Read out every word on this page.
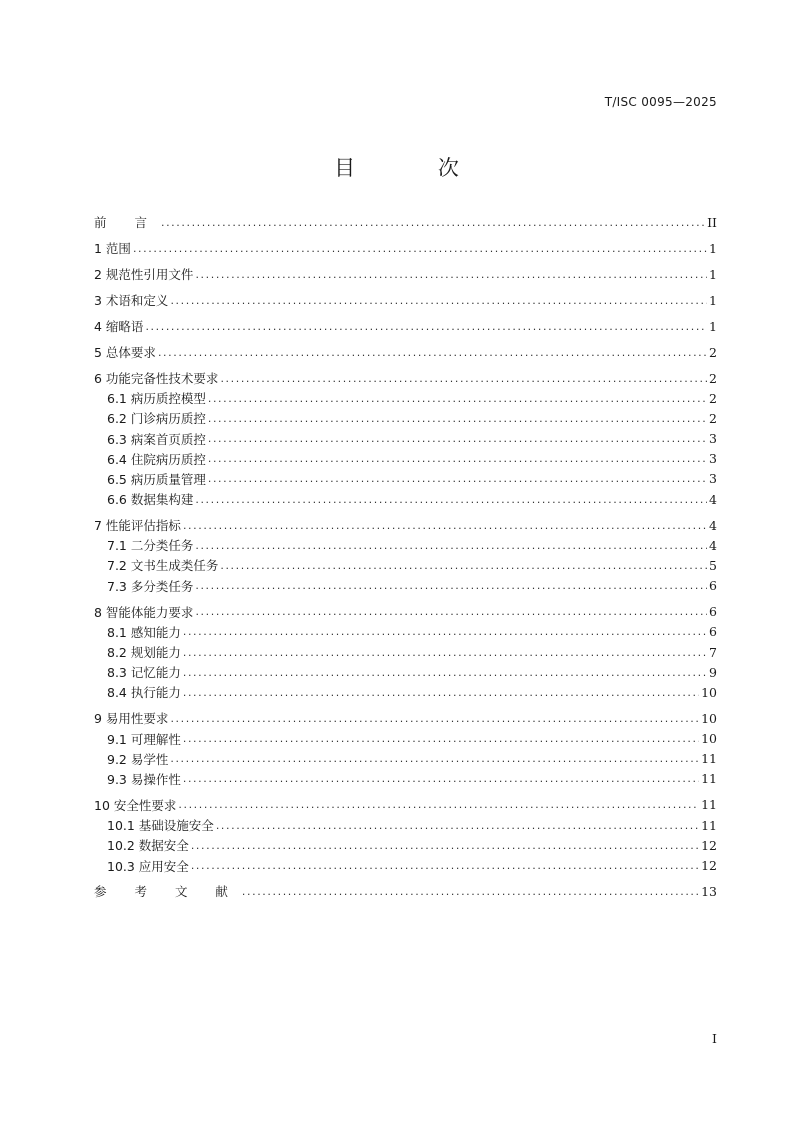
T/ISC 0095—2025
目 次
前 言 .....	II
1 范围 .....	1
2 规范性引用文件 .....	1
3 术语和定义 .....	1
4 缩略语 .....	1
5 总体要求 .....	2
6 功能完备性技术要求 .....	2
6.1 病历质控模型 .....	2
6.2 门诊病历质控 .....	2
6.3 病案首页质控 .....	3
6.4 住院病历质控 .....	3
6.5 病历质量管理 .....	3
6.6 数据集构建 .....	4
7 性能评估指标 .....	4
7.1 二分类任务 .....	4
7.2 文书生成类任务 .....	5
7.3 多分类任务 .....	6
8 智能体能力要求 .....	6
8.1 感知能力 .....	6
8.2 规划能力 .....	7
8.3 记忆能力 .....	9
8.4 执行能力 .....	10
9 易用性要求 .....	10
9.1 可理解性 .....	10
9.2 易学性 .....	11
9.3 易操作性 .....	11
10 安全性要求 .....	11
10.1 基础设施安全 .....	11
10.2 数据安全 .....	12
10.3 应用安全 .....	12
参 考 文 献 .....	13
I
